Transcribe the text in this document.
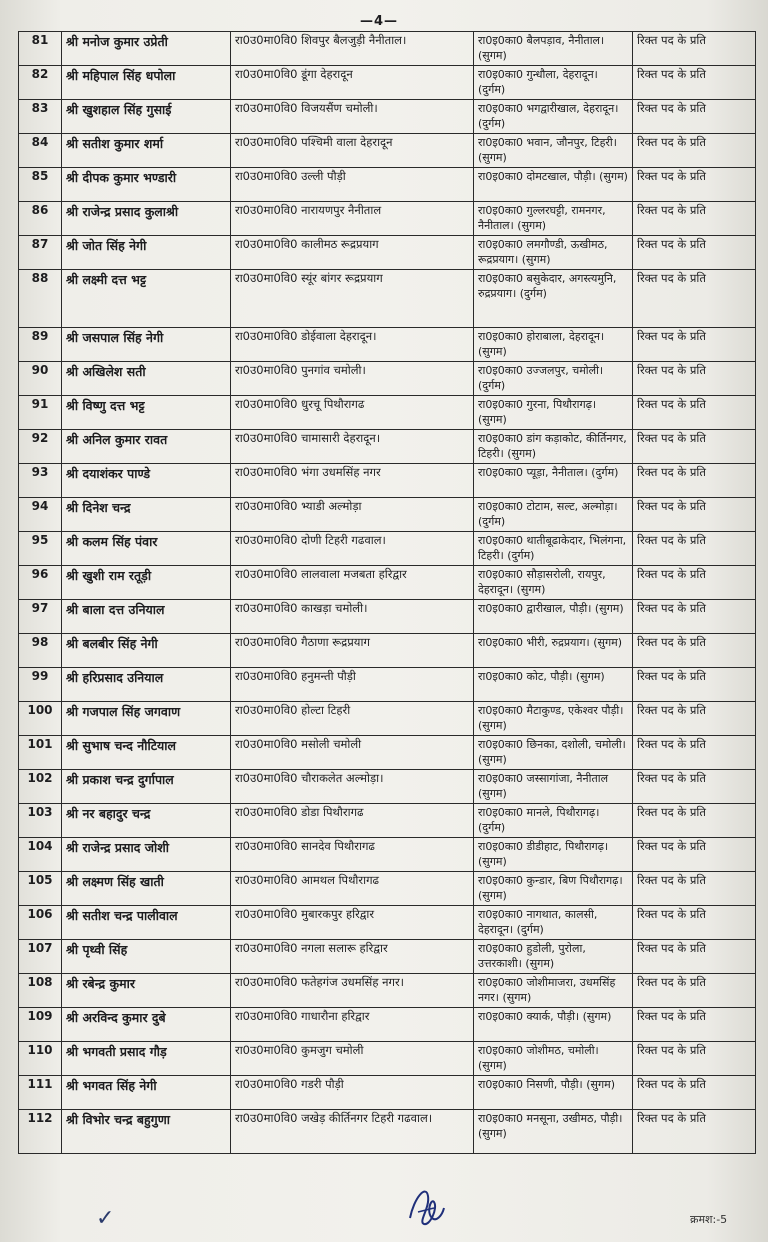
—4—
81	श्री मनोज कुमार उप्रेती	रा0उ0मा0वि0 शिवपुर बैलजुड़ी नैनीताल।	रा0इ0का0 बैलपड़ाव, नैनीताल। (सुगम)	रिक्त पद के प्रति
82	श्री महिपाल सिंह धपोला	रा0उ0मा0वि0 डूंगा देहरादून	रा0इ0का0 गुन्धौला, देहरादून। (दुर्गम)	रिक्त पद के प्रति
83	श्री खुशहाल सिंह गुसाई	रा0उ0मा0वि0 विजयसैंण चमोली।	रा0इ0का0 भगद्वारीखाल, देहरादून। (दुर्गम)	रिक्त पद के प्रति
84	श्री सतीश कुमार शर्मा	रा0उ0मा0वि0 पश्चिमी वाला देहरादून	रा0इ0का0 भवान, जौनपुर, टिहरी। (सुगम)	रिक्त पद के प्रति
85	श्री दीपक कुमार भण्डारी	रा0उ0मा0वि0 उल्ली पौड़ी	रा0इ0का0 दोमटखाल, पौड़ी। (सुगम)	रिक्त पद के प्रति
86	श्री राजेन्द्र प्रसाद कुलाश्री	रा0उ0मा0वि0 नारायणपुर नैनीताल	रा0इ0का0 गुल्लरघट्टी, रामनगर, नैनीताल। (सुगम)	रिक्त पद के प्रति
87	श्री जोत सिंह नेगी	रा0उ0मा0वि0 कालीमठ रूद्रप्रयाग	रा0इ0का0 लमगौण्डी, ऊखीमठ, रूद्रप्रयाग। (सुगम)	रिक्त पद के प्रति
88	श्री लक्ष्मी दत्त भट्ट	रा0उ0मा0वि0 स्यूंर बांगर रूद्रप्रयाग	रा0इ0का0 बसुकेदार, अगस्त्यमुनि, रुद्रप्रयाग। (दुर्गम)	रिक्त पद के प्रति
89	श्री जसपाल सिंह नेगी	रा0उ0मा0वि0 डोईवाला देहरादून।	रा0इ0का0 होराबाला, देहरादून। (सुगम)	रिक्त पद के प्रति
90	श्री अखिलेश सती	रा0उ0मा0वि0 पुनगांव चमोली।	रा0इ0का0 उज्जलपुर, चमोली। (दुर्गम)	रिक्त पद के प्रति
91	श्री विष्णु दत्त भट्ट	रा0उ0मा0वि0 धुरचू पिथौरागढ	रा0इ0का0 गुरना, पिथौरागढ़। (सुगम)	रिक्त पद के प्रति
92	श्री अनिल कुमार रावत	रा0उ0मा0वि0 चामासारी देहरादून।	रा0इ0का0 डांग कड़ाकोट, कीर्तिनगर, टिहरी। (सुगम)	रिक्त पद के प्रति
93	श्री दयाशंकर पाण्डे	रा0उ0मा0वि0 भंगा उधमसिंह नगर	रा0इ0का0 प्यूड़ा, नैनीताल। (दुर्गम)	रिक्त पद के प्रति
94	श्री दिनेश चन्द्र	रा0उ0मा0वि0 भ्याडी अल्मोड़ा	रा0इ0का0 टोटाम, सल्ट, अल्मोड़ा। (दुर्गम)	रिक्त पद के प्रति
95	श्री कलम सिंह पंवार	रा0उ0मा0वि0 दोणी टिहरी गढवाल।	रा0इ0का0 थातीबूढाकेदार, भिलंगना, टिहरी। (दुर्गम)	रिक्त पद के प्रति
96	श्री खुशी राम रतूड़ी	रा0उ0मा0वि0 लालवाला मजबता हरिद्वार	रा0इ0का0 सौड़ासरोली, रायपुर, देहरादून। (सुगम)	रिक्त पद के प्रति
97	श्री बाला दत्त उनियाल	रा0उ0मा0वि0 काखड़ा चमोली।	रा0इ0का0 द्वारीखाल, पौड़ी। (सुगम)	रिक्त पद के प्रति
98	श्री बलबीर सिंह नेगी	रा0उ0मा0वि0 गैठाणा रूद्रप्रयाग	रा0इ0का0 भीरी, रुद्रप्रयाग। (सुगम)	रिक्त पद के प्रति
99	श्री हरिप्रसाद उनियाल	रा0उ0मा0वि0 हनुमन्ती पौड़ी	रा0इ0का0 कोट, पौड़ी। (सुगम)	रिक्त पद के प्रति
100	श्री गजपाल सिंह जगवाण	रा0उ0मा0वि0 होल्टा टिहरी	रा0इ0का0 मैटाकुण्ड, एकेश्वर पौड़ी। (सुगम)	रिक्त पद के प्रति
101	श्री सुभाष चन्द नौटियाल	रा0उ0मा0वि0 मसोली चमोली	रा0इ0का0 छिनका, दशोली, चमोली। (सुगम)	रिक्त पद के प्रति
102	श्री प्रकाश चन्द्र दुर्गापाल	रा0उ0मा0वि0 चौराकलेत अल्मोड़ा।	रा0इ0का0 जस्सागांजा, नैनीताल (सुगम)	रिक्त पद के प्रति
103	श्री नर बहादुर चन्द्र	रा0उ0मा0वि0 डोडा पिथौरागढ	रा0इ0का0 मानले, पिथौरागढ़। (दुर्गम)	रिक्त पद के प्रति
104	श्री राजेन्द्र प्रसाद जोशी	रा0उ0मा0वि0 सानदेव पिथौरागढ	रा0इ0का0 डीडीहाट, पिथौरागढ़। (सुगम)	रिक्त पद के प्रति
105	श्री लक्ष्मण सिंह खाती	रा0उ0मा0वि0 आमथल पिथौरागढ	रा0इ0का0 कुन्डार, बिण पिथौरागढ़। (सुगम)	रिक्त पद के प्रति
106	श्री सतीश चन्द्र पालीवाल	रा0उ0मा0वि0 मुबारकपुर हरिद्वार	रा0इ0का0 नागथात, कालसी, देहरादून। (दुर्गम)	रिक्त पद के प्रति
107	श्री पृथ्वी सिंह	रा0उ0मा0वि0 नगला सलारू हरिद्वार	रा0इ0का0 हुडोली, पुरोला, उत्तरकाशी। (सुगम)	रिक्त पद के प्रति
108	श्री रबेन्द्र कुमार	रा0उ0मा0वि0 फतेहगंज उधमसिंह नगर।	रा0इ0का0 जोशीमाजरा, उधमसिंह नगर। (सुगम)	रिक्त पद के प्रति
109	श्री अरविन्द कुमार दुबे	रा0उ0मा0वि0 गाधारौना हरिद्वार	रा0इ0का0 क्यार्क, पौड़ी। (सुगम)	रिक्त पद के प्रति
110	श्री भगवती प्रसाद गौड़	रा0उ0मा0वि0 कुमजुग चमोली	रा0इ0का0 जोशीमठ, चमोली। (सुगम)	रिक्त पद के प्रति
111	श्री भगवत सिंह नेगी	रा0उ0मा0वि0 गडरी पौड़ी	रा0इ0का0 निसणी, पौड़ी। (सुगम)	रिक्त पद के प्रति
112	श्री विभोर चन्द्र बहुगुणा	रा0उ0मा0वि0 जखेड़ कीर्तिनगर टिहरी गढवाल।	रा0इ0का0 मनसूना, उखीमठ, पौड़ी। (सुगम)	रिक्त पद के प्रति
✓	क्रमश:-5
